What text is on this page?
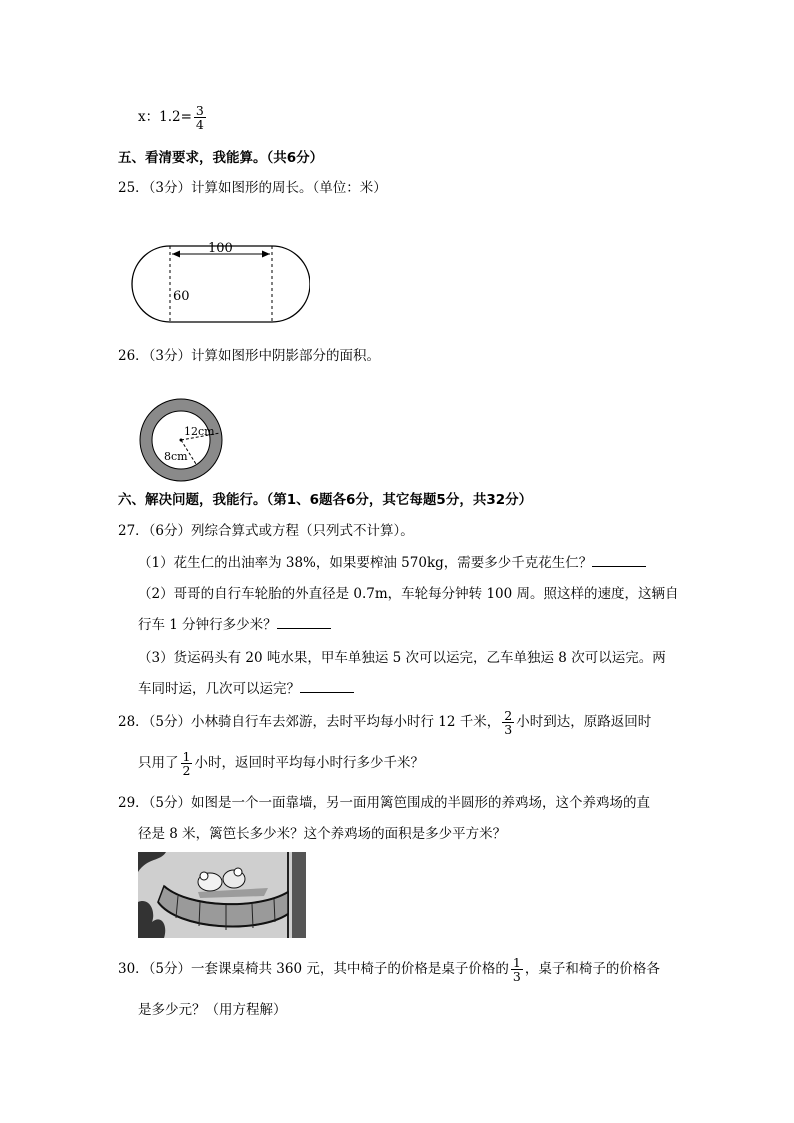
x：$1.2= \frac{3}{4}$
五、看清要求，我能算。（共6分）
25．（3分）计算如图形的周长。（单位：米）
100
60
26．（3分）计算如图形中阴影部分的面积。
12cm
8cm
六、解决问题，我能行。（第1、6题各6分，其它每题5分，共32分）
27．（6分）列综合算式或方程（只列式不计算）。
（1）花生仁的出油率为 38%，如果要榨油 570kg，需要多少千克花生仁？
（2）哥哥的自行车轮胎的外直径是 0.7m，车轮每分钟转 100 周。照这样的速度，这辆自
行车 1 分钟行多少米？
（3）货运码头有 20 吨水果，甲车单独运 5 次可以运完，乙车单独运 8 次可以运完。两
车同时运，几次可以运完？
28．（5分）小林骑自行车去郊游，去时平均每小时行 12 千米， $\frac{2}{3}$ 小时到达，原路返回时
只用了 $\frac{1}{2}$ 小时，返回时平均每小时行多少千米？
29．（5分）如图是一个一面靠墙，另一面用篱笆围成的半圆形的养鸡场，这个养鸡场的直
径是 8 米，篱笆长多少米？这个养鸡场的面积是多少平方米？
30．（5分）一套课桌椅共 360 元，其中椅子的价格是桌子价格的 $\frac{1}{3}$ ，桌子和椅子的价格各
是多少元？（用方程解）
